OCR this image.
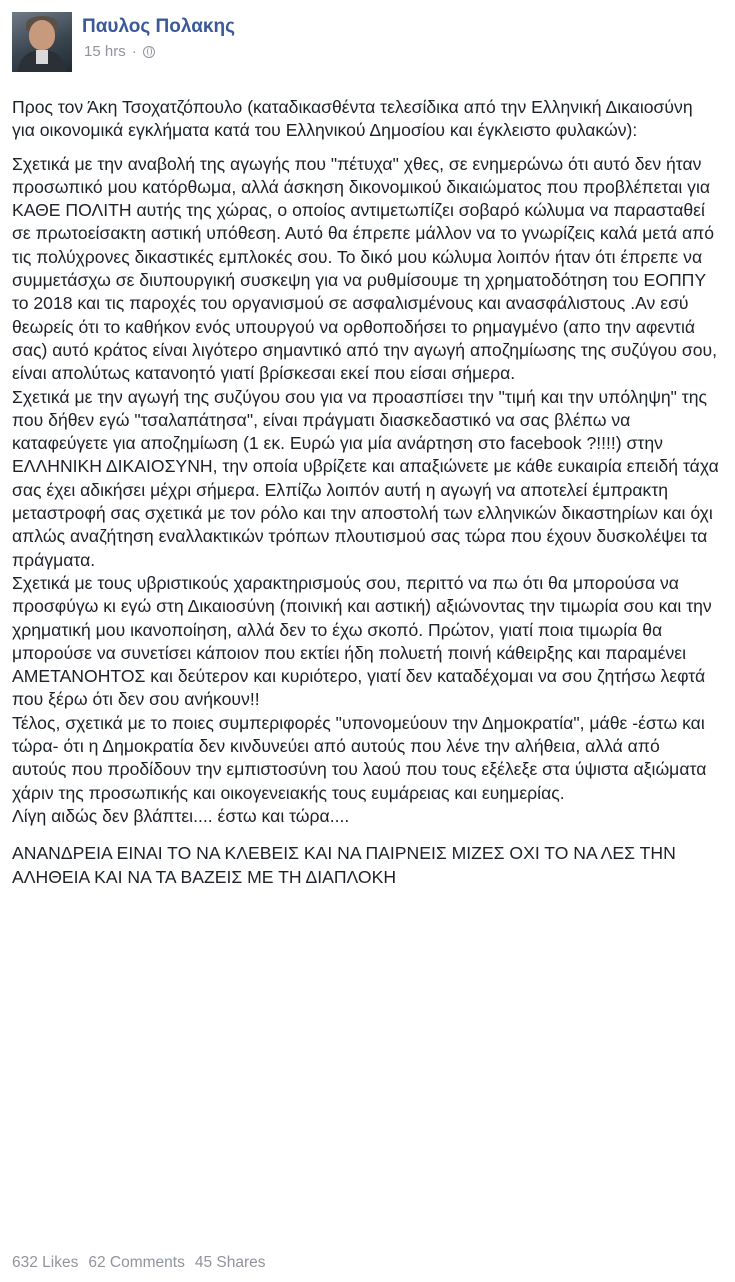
Παυλος Πολακης
15 hrs ·

Προς τον Άκη Τσοχατζόπουλο (καταδικασθέντα τελεσίδικα από την Ελληνική Δικαιοσύνη για οικονομικά εγκλήματα κατά του Ελληνικού Δημοσίου και έγκλειστο φυλακών):

Σχετικά με την αναβολή της αγωγής που "πέτυχα" χθες, σε ενημερώνω ότι αυτό δεν ήταν προσωπικό μου κατόρθωμα, αλλά άσκηση δικονομικού δικαιώματος που προβλέπεται για ΚΑΘΕ ΠΟΛΙΤΗ αυτής της χώρας, ο οποίος αντιμετωπίζει σοβαρό κώλυμα να παρασταθεί σε πρωτοείσακτη αστική υπόθεση. Αυτό θα έπρεπε μάλλον να το γνωρίζεις καλά μετά από τις πολύχρονες δικαστικές εμπλοκές σου. Το δικό μου κώλυμα λοιπόν ήταν ότι έπρεπε να συμμετάσχω σε διυπουργική συσκεψη για να ρυθμίσουμε τη χρηματοδότηση του ΕΟΠΠΥ το 2018 και τις παροχές του οργανισμού σε ασφαλισμένους και ανασφάλιστους .Αν εσύ θεωρείς ότι το καθήκον ενός υπουργού να ορθοποδήσει το ρημαγμένο (απο την αφεντιά σας) αυτό κράτος είναι λιγότερο σημαντικό από την αγωγή αποζημίωσης της συζύγου σου, είναι απολύτως κατανοητό γιατί βρίσκεσαι εκεί που είσαι σήμερα.

Σχετικά με την αγωγή της συζύγου σου για να προασπίσει την "τιμή και την υπόληψη" της που δήθεν εγώ "τσαλαπάτησα", είναι πράγματι διασκεδαστικό να σας βλέπω να καταφεύγετε για αποζημίωση (1 εκ. Ευρώ για μία ανάρτηση στο facebook ?!!!!) στην ΕΛΛΗΝΙΚΗ ΔΙΚΑΙΟΣΥΝΗ, την οποία υβρίζετε και απαξιώνετε με κάθε ευκαιρία επειδή τάχα σας έχει αδικήσει μέχρι σήμερα. Ελπίζω λοιπόν αυτή η αγωγή να αποτελεί έμπρακτη μεταστροφή σας σχετικά με τον ρόλο και την αποστολή των ελληνικών δικαστηρίων και όχι απλώς αναζήτηση εναλλακτικών τρόπων πλουτισμού σας τώρα που έχουν δυσκολέψει τα πράγματα.

Σχετικά με τους υβριστικούς χαρακτηρισμούς σου, περιττό να πω ότι θα μπορούσα να προσφύγω κι εγώ στη Δικαιοσύνη (ποινική και αστική) αξιώνοντας την τιμωρία σου και την χρηματική μου ικανοποίηση, αλλά δεν το έχω σκοπό. Πρώτον, γιατί ποια τιμωρία θα μπορούσε να συνετίσει κάποιον που εκτίει ήδη πολυετή ποινή κάθειρξης και παραμένει ΑΜΕΤΑΝΟΗΤΟΣ και δεύτερον και κυριότερο, γιατί δεν καταδέχομαι να σου ζητήσω λεφτά που ξέρω ότι δεν σου ανήκουν!!

Τέλος, σχετικά με το ποιες συμπεριφορές "υπονομεύουν την Δημοκρατία", μάθε -έστω και τώρα- ότι η Δημοκρατία δεν κινδυνεύει από αυτούς που λένε την αλήθεια, αλλά από αυτούς που προδίδουν την εμπιστοσύνη του λαού που τους εξέλεξε στα ύψιστα αξιώματα χάριν της προσωπικής και οικογενειακής τους ευμάρειας και ευημερίας.

Λίγη αιδώς δεν βλάπτει.... έστω και τώρα....

ΑΝΑΝΔΡΕΙΑ ΕΙΝΑΙ ΤΟ ΝΑ ΚΛΕΒΕΙΣ ΚΑΙ ΝΑ ΠΑΙΡΝΕΙΣ ΜΙΖΕΣ ΟΧΙ ΤΟ ΝΑ ΛΕΣ ΤΗΝ ΑΛΗΘΕΙΑ ΚΑΙ ΝΑ ΤΑ ΒΑΖΕΙΣ ΜΕ ΤΗ ΔΙΑΠΛΟΚΗ

632 Likes 62 Comments 45 Shares
